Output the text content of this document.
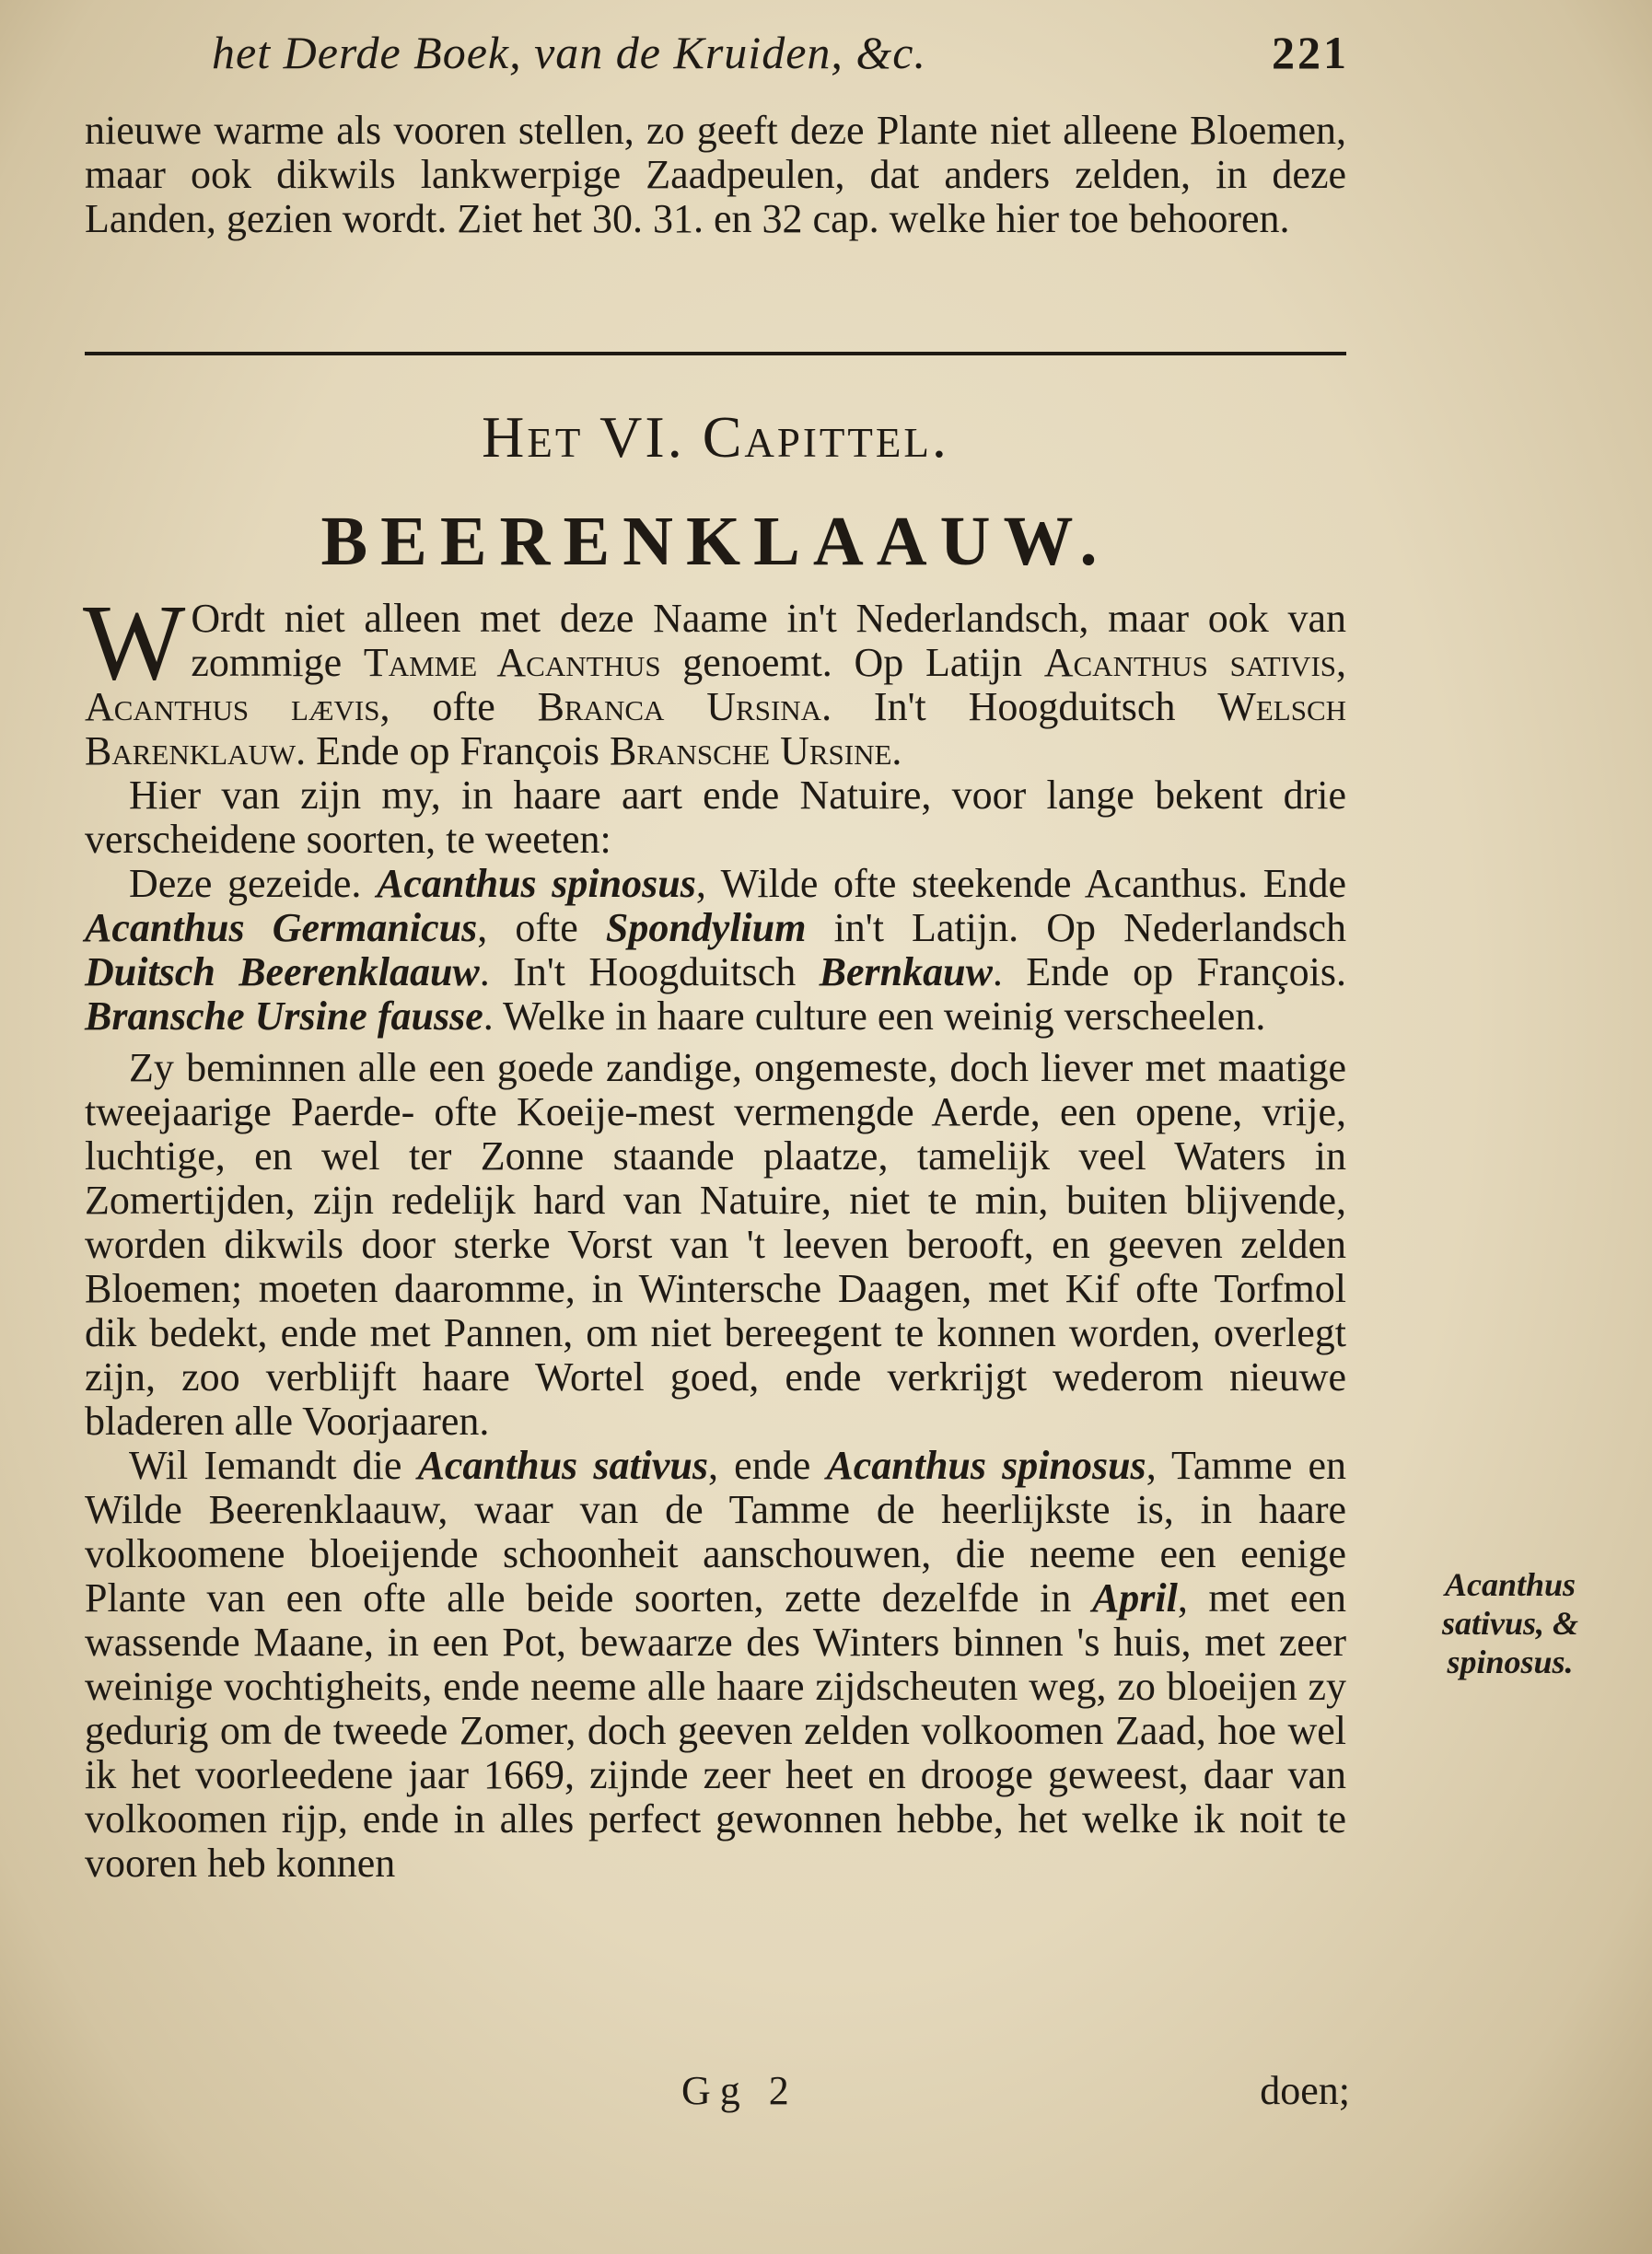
het Derde Boek, van de Kruiden, &c.	221

nieuwe warme als vooren stellen, zo geeft deze Plante niet alleene Bloemen, maar ook dikwils lankwerpige Zaadpeulen, dat anders zelden, in deze Landen, gezien wordt. Ziet het 30. 31. en 32 cap. welke hier toe behooren.

Het VI. Capittel.
BEERENKLAAUW.

W Ordt niet alleen met deze Naame in't Nederlandsch, maar ook van zommige Tamme Acanthus genoemt. Op Latijn Acanthus sativis, Acanthus lævis, ofte Branca Ursina. In't Hoogduitsch Welsch Barenklauw. Ende op François Bransche Ursine.

Hier van zijn my, in haare aart ende Natuire, voor lange bekent drie verscheidene soorten, te weeten:

Deze gezeide. Acanthus spinosus, Wilde ofte steekende Acanthus. Ende Acanthus Germanicus, ofte Spondylium in't Latijn. Op Nederlandsch Duitsch Beerenklaauw. In't Hoogduitsch Bernkauw. Ende op François. Bransche Ursine fausse. Welke in haare culture een weinig verscheelen.

Zy beminnen alle een goede zandige, ongemeste, doch liever met maatige tweejaarige Paerde- ofte Koeije-mest vermengde Aerde, een opene, vrije, luchtige, en wel ter Zonne staande plaatze, tamelijk veel Waters in Zomertijden, zijn redelijk hard van Natuire, niet te min, buiten blijvende, worden dikwils door sterke Vorst van 't leeven berooft, en geeven zelden Bloemen; moeten daaromme, in Wintersche Daagen, met Kif ofte Torfmol dik bedekt, ende met Pannen, om niet bereegent te konnen worden, overlegt zijn, zoo verblijft haare Wortel goed, ende verkrijgt wederom nieuwe bladeren alle Voorjaaren.

Wil Iemandt die Acanthus sativus, ende Acanthus spinosus, Tamme en Wilde Beerenklaauw, waar van de Tamme de heerlijkste is, in haare volkoomene bloeijende schoonheit aanschouwen, die neeme een eenige Plante van een ofte alle beide soorten, zette dezelfde in April, met een wassende Maane, in een Pot, bewaarze des Winters binnen 's huis, met zeer weinige vochtigheits, ende neeme alle haare zijdscheuten weg, zo bloeijen zy gedurig om de tweede Zomer, doch geeven zelden volkoomen Zaad, hoe wel ik het voorleedene jaar 1669, zijnde zeer heet en drooge geweest, daar van volkoomen rijp, ende in alles perfect gewonnen hebbe, het welke ik noit te vooren heb konnen

Acanthus sativus, & spinosus.
Gg 2	doen;
